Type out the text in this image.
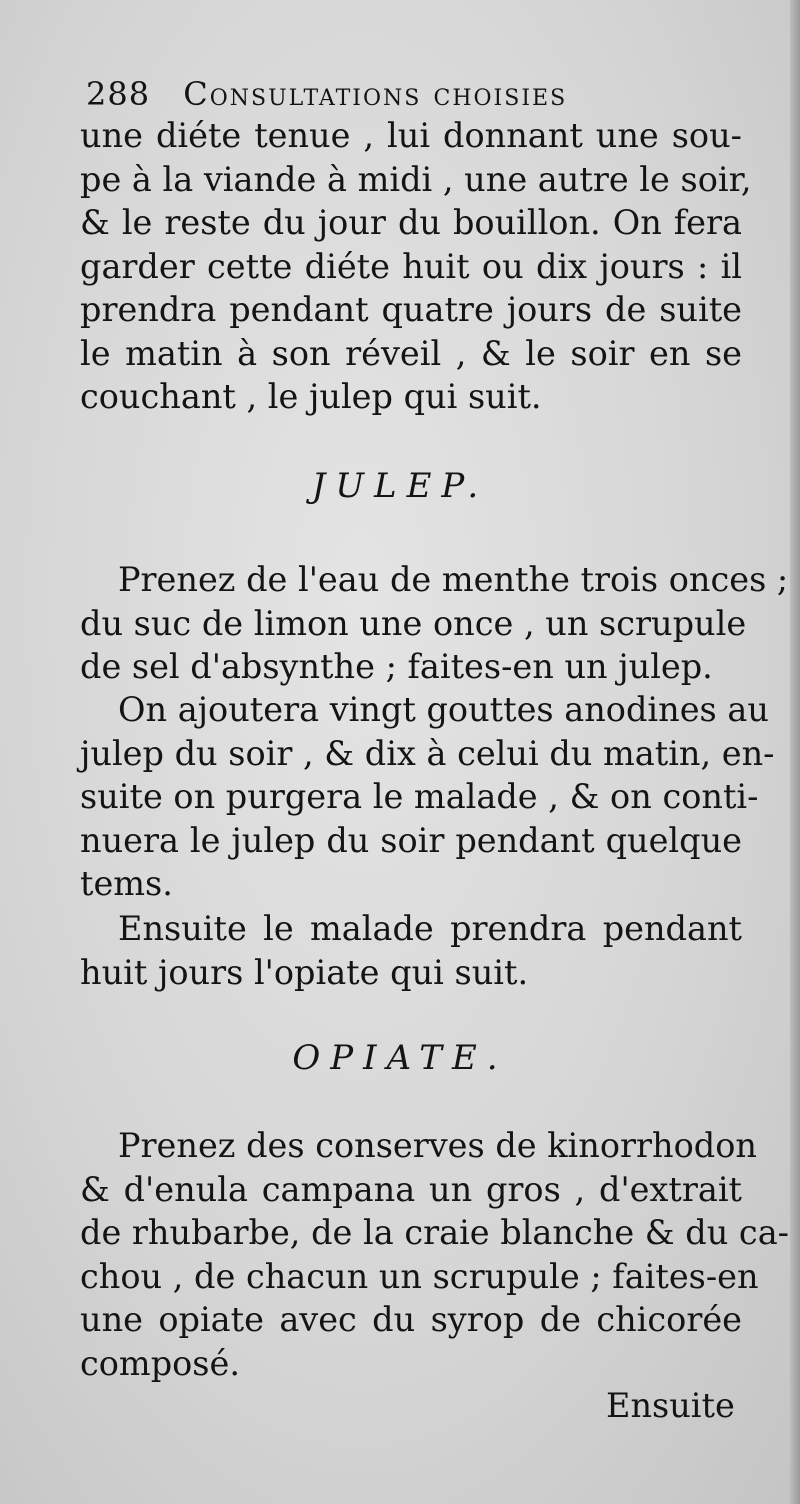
288 Consultations choisies
une diéte tenue , lui donnant une sou-
pe à la viande à midi , une autre le soir,
& le reste du jour du bouillon. On fera
garder cette diéte huit ou dix jours : il
prendra pendant quatre jours de suite
le matin à son réveil , & le soir en se
couchant , le julep qui suit.
JULEP.
Prenez de l'eau de menthe trois onces ;
du suc de limon une once , un scrupule
de sel d'absynthe ; faites-en un julep.
On ajoutera vingt gouttes anodines au
julep du soir , & dix à celui du matin, en-
suite on purgera le malade , & on conti-
nuera le julep du soir pendant quelque
tems.
Ensuite le malade prendra pendant
huit jours l'opiate qui suit.
OPIATE.
Prenez des conserves de kinorrhodon
& d'enula campana un gros , d'extrait
de rhubarbe, de la craie blanche & du ca-
chou , de chacun un scrupule ; faites-en
une opiate avec du syrop de chicorée
composé.
Ensuite
